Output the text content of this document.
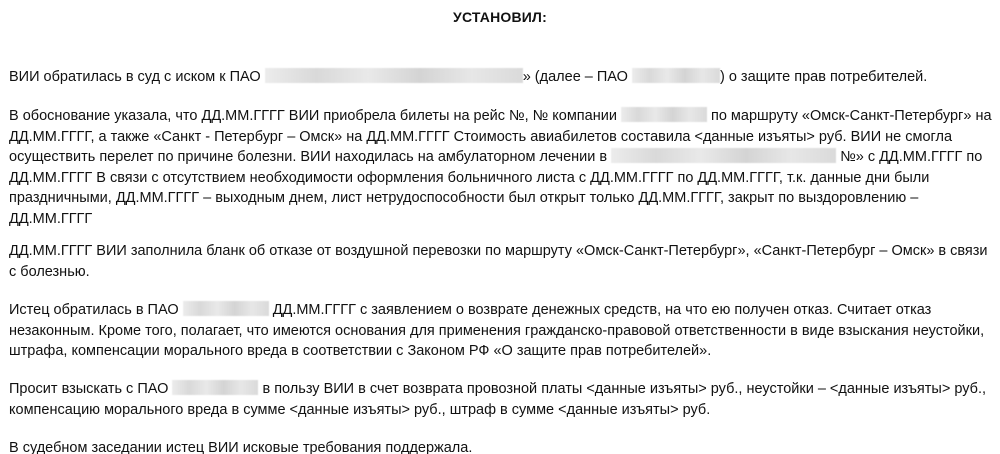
УСТАНОВИЛ:

ВИИ обратилась в суд с иском к ПАО	» (далее – ПАО	) о защите прав потребителей.

В обоснование указала, что ДД.ММ.ГГГГ ВИИ приобрела билеты на рейс №, № компании	по маршруту «Омск-Санкт-Петербург» на ДД.ММ.ГГГГ, а также «Санкт - Петербург – Омск» на ДД.ММ.ГГГГ Стоимость авиабилетов составила <данные изъяты> руб. ВИИ не смогла осуществить перелет по причине болезни. ВИИ находилась на амбулаторном лечении в	№» с ДД.ММ.ГГГГ по ДД.ММ.ГГГГ В связи с отсутствием необходимости оформления больничного листа с ДД.ММ.ГГГГ по ДД.ММ.ГГГГ, т.к. данные дни были праздничными, ДД.ММ.ГГГГ – выходным днем, лист нетрудоспособности был открыт только ДД.ММ.ГГГГ, закрыт по выздоровлению – ДД.ММ.ГГГГ

ДД.ММ.ГГГГ ВИИ заполнила бланк об отказе от воздушной перевозки по маршруту «Омск-Санкт-Петербург», «Санкт-Петербург – Омск» в связи с болезнью.

Истец обратилась в ПАО	ДД.ММ.ГГГГ с заявлением о возврате денежных средств, на что ею получен отказ. Считает отказ незаконным. Кроме того, полагает, что имеются основания для применения гражданско-правовой ответственности в виде взыскания неустойки, штрафа, компенсации морального вреда в соответствии с Законом РФ «О защите прав потребителей».

Просит взыскать с ПАО	в пользу ВИИ в счет возврата провозной платы <данные изъяты> руб., неустойки – <данные изъяты> руб., компенсацию морального вреда в сумме <данные изъяты> руб., штраф в сумме <данные изъяты> руб.

В судебном заседании истец ВИИ исковые требования поддержала.
